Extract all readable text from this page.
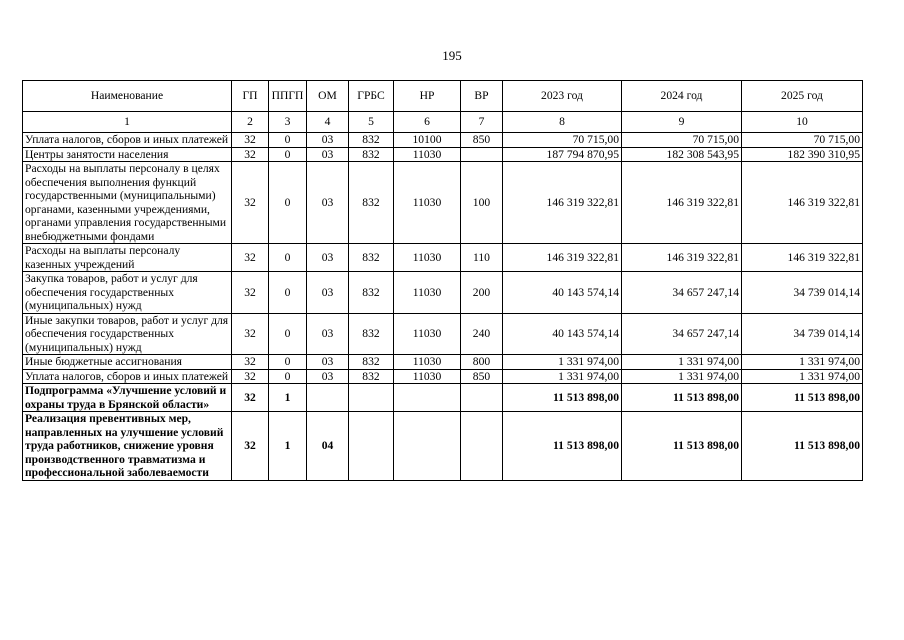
195
Наименование	ГП	ППГП	ОМ	ГРБС	НР	ВР	2023 год	2024 год	2025 год
1	2	3	4	5	6	7	8	9	10
Уплата налогов, сборов и иных платежей	32	0	03	832	10100	850	70 715,00	70 715,00	70 715,00
Центры занятости населения	32	0	03	832	11030		187 794 870,95	182 308 543,95	182 390 310,95
Расходы на выплаты персоналу в целях обеспечения выполнения функций государственными (муниципальными) органами, казенными учреждениями, органами управления государственными внебюджетными фондами	32	0	03	832	11030	100	146 319 322,81	146 319 322,81	146 319 322,81
Расходы на выплаты персоналу казенных учреждений	32	0	03	832	11030	110	146 319 322,81	146 319 322,81	146 319 322,81
Закупка товаров, работ и услуг для обеспечения государственных (муниципальных) нужд	32	0	03	832	11030	200	40 143 574,14	34 657 247,14	34 739 014,14
Иные закупки товаров, работ и услуг для обеспечения государственных (муниципальных) нужд	32	0	03	832	11030	240	40 143 574,14	34 657 247,14	34 739 014,14
Иные бюджетные ассигнования	32	0	03	832	11030	800	1 331 974,00	1 331 974,00	1 331 974,00
Уплата налогов, сборов и иных платежей	32	0	03	832	11030	850	1 331 974,00	1 331 974,00	1 331 974,00
Подпрограмма «Улучшение условий и охраны труда в Брянской области»	32	1					11 513 898,00	11 513 898,00	11 513 898,00
Реализация превентивных мер, направленных на улучшение условий труда работников, снижение уровня производственного травматизма и профессиональной заболеваемости	32	1	04				11 513 898,00	11 513 898,00	11 513 898,00
